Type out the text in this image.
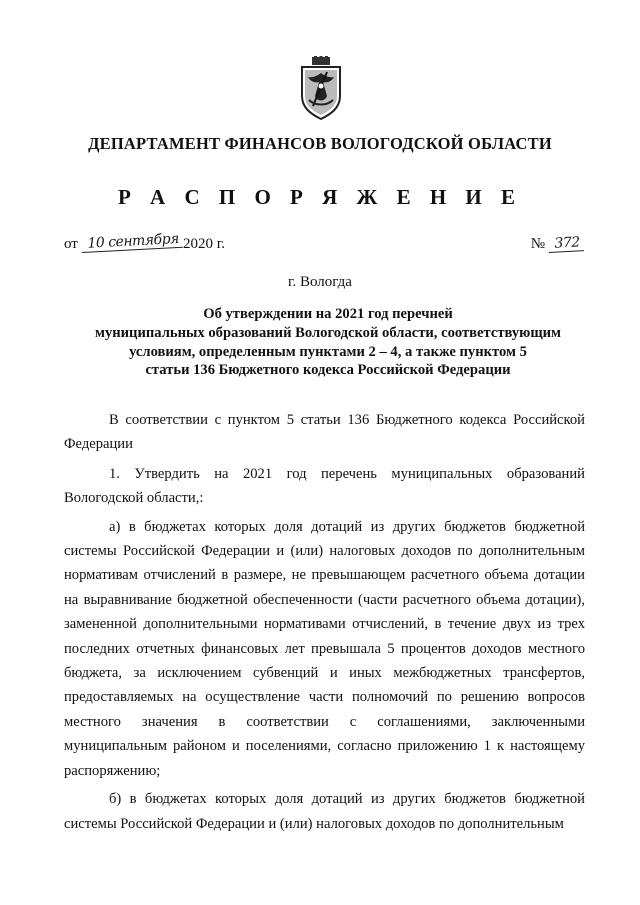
ДЕПАРТАМЕНТ ФИНАНСОВ ВОЛОГОДСКОЙ ОБЛАСТИ
Р А С П О Р Я Ж Е Н И Е
от 10 сентября 2020 г.	№ 372
г. Вологда
Об утверждении на 2021 год перечней
муниципальных образований Вологодской области, соответствующим
условиям, определенным пунктами 2 – 4, а также пунктом 5
статьи 136 Бюджетного кодекса Российской Федерации

В соответствии с пунктом 5 статьи 136 Бюджетного кодекса Российской Федерации

1. Утвердить на 2021 год перечень муниципальных образований Вологодской области,:

а) в бюджетах которых доля дотаций из других бюджетов бюджетной системы Российской Федерации и (или) налоговых доходов по дополнительным нормативам отчислений в размере, не превышающем расчетного объема дотации на выравнивание бюджетной обеспеченности (части расчетного объема дотации), замененной дополнительными нормативами отчислений, в течение двух из трех последних отчетных финансовых лет превышала 5 процентов доходов местного бюджета, за исключением субвенций и иных межбюджетных трансфертов, предоставляемых на осуществление части полномочий по решению вопросов местного значения в соответствии с соглашениями, заключенными муниципальным районом и поселениями, согласно приложению 1 к настоящему распоряжению;

б) в бюджетах которых доля дотаций из других бюджетов бюджетной системы Российской Федерации и (или) налоговых доходов по дополнительным
